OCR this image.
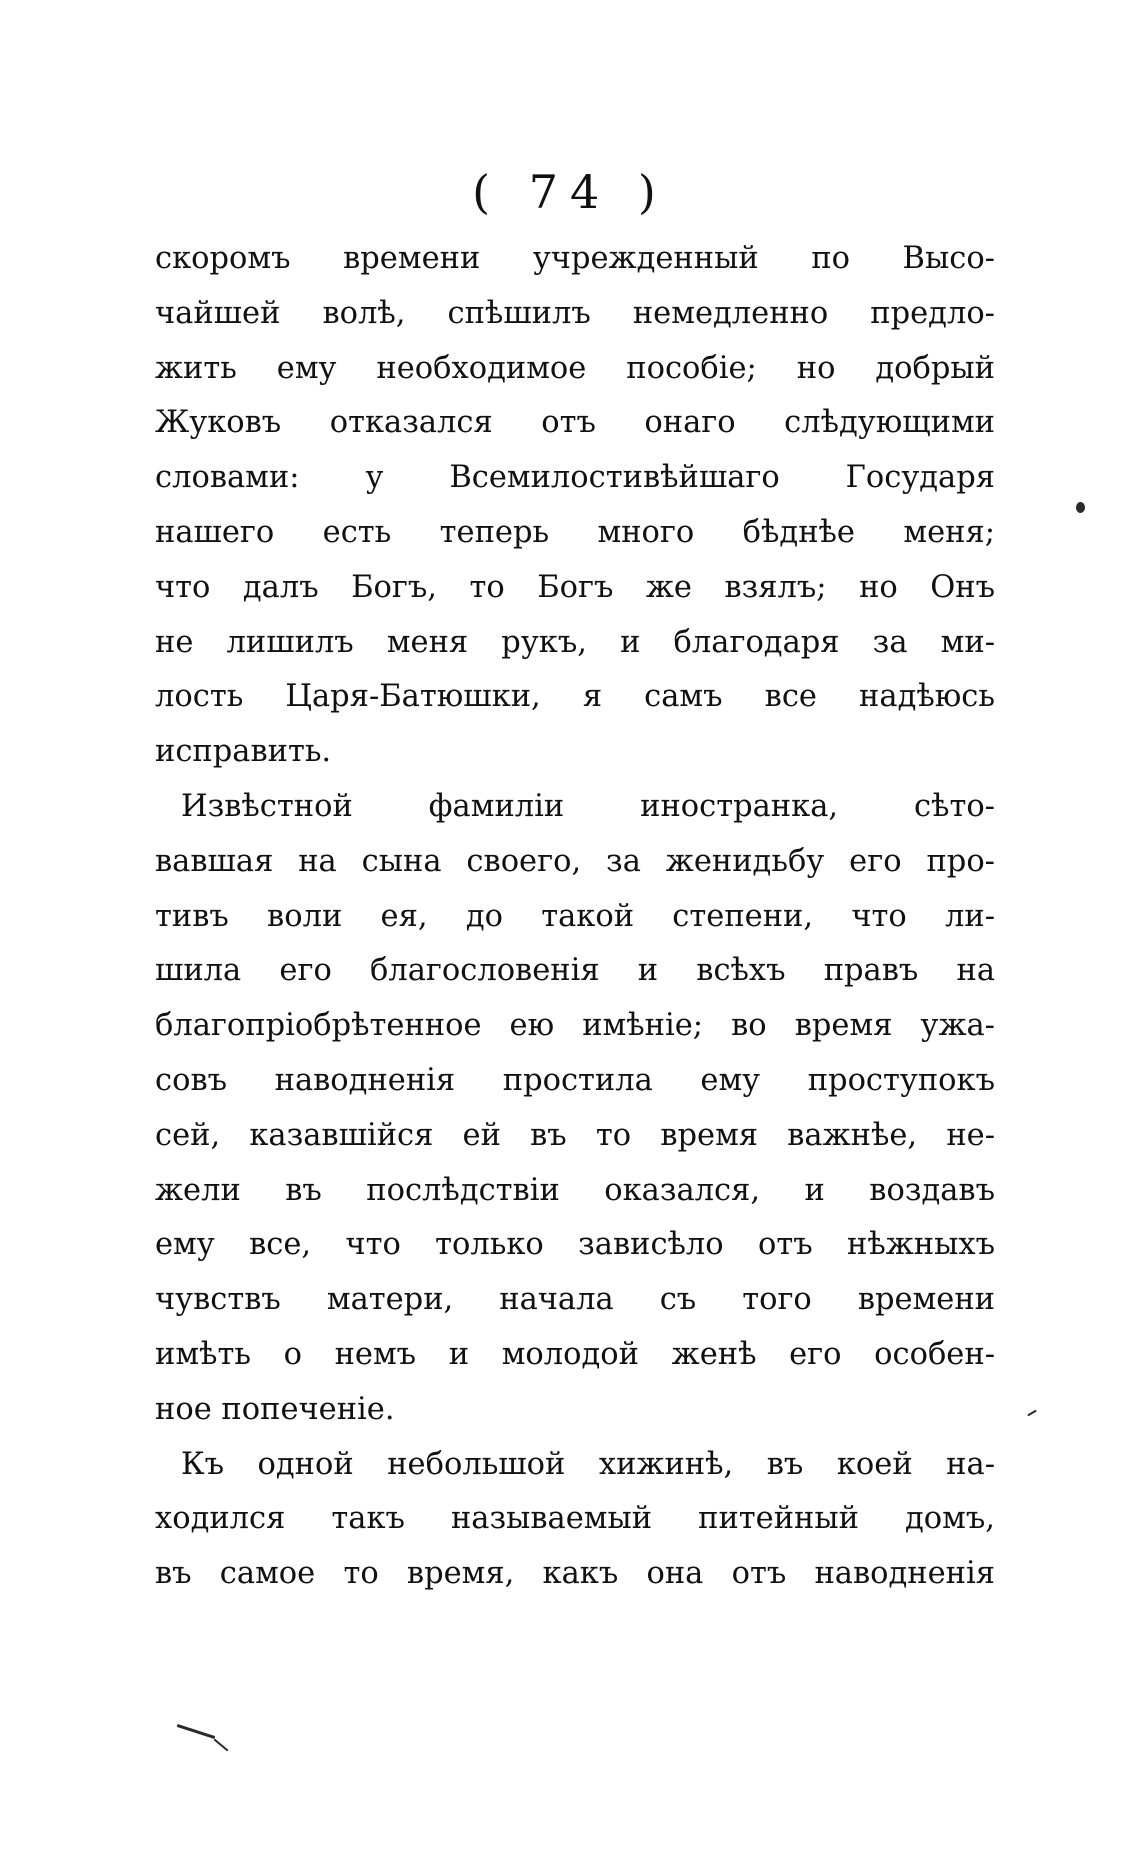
( 74 )
скоромъ времени учрежденный по Высо-
чайшей волѣ, спѣшилъ немедленно предло-
жить ему необходимое пособіе; но добрый
Жуковъ отказался отъ онаго слѣдующими
словами: у Всемилостивѣйшаго Государя
нашего есть теперь много бѣднѣе меня;
что далъ Богъ, то Богъ же взялъ; но Онъ
не лишилъ меня рукъ, и благодаря за ми-
лость Царя-Батюшки, я самъ все надѣюсь
исправить.
Извѣстной фамиліи иностранка, сѣто-
вавшая на сына своего, за женидьбу его про-
тивъ воли ея, до такой степени, что ли-
шила его благословенія и всѣхъ правъ на
благопріобрѣтенное ею имѣніе; во время ужа-
совъ наводненія простила ему проступокъ
сей, казавшійся ей въ то время важнѣе, не-
жели въ послѣдствіи оказался, и воздавъ
ему все, что только зависѣло отъ нѣжныхъ
чувствъ матери, начала съ того времени
имѣть о немъ и молодой женѣ его особен-
ное попеченіе.
Къ одной небольшой хижинѣ, въ коей на-
ходился такъ называемый питейный домъ,
въ самое то время, какъ она отъ наводненія
